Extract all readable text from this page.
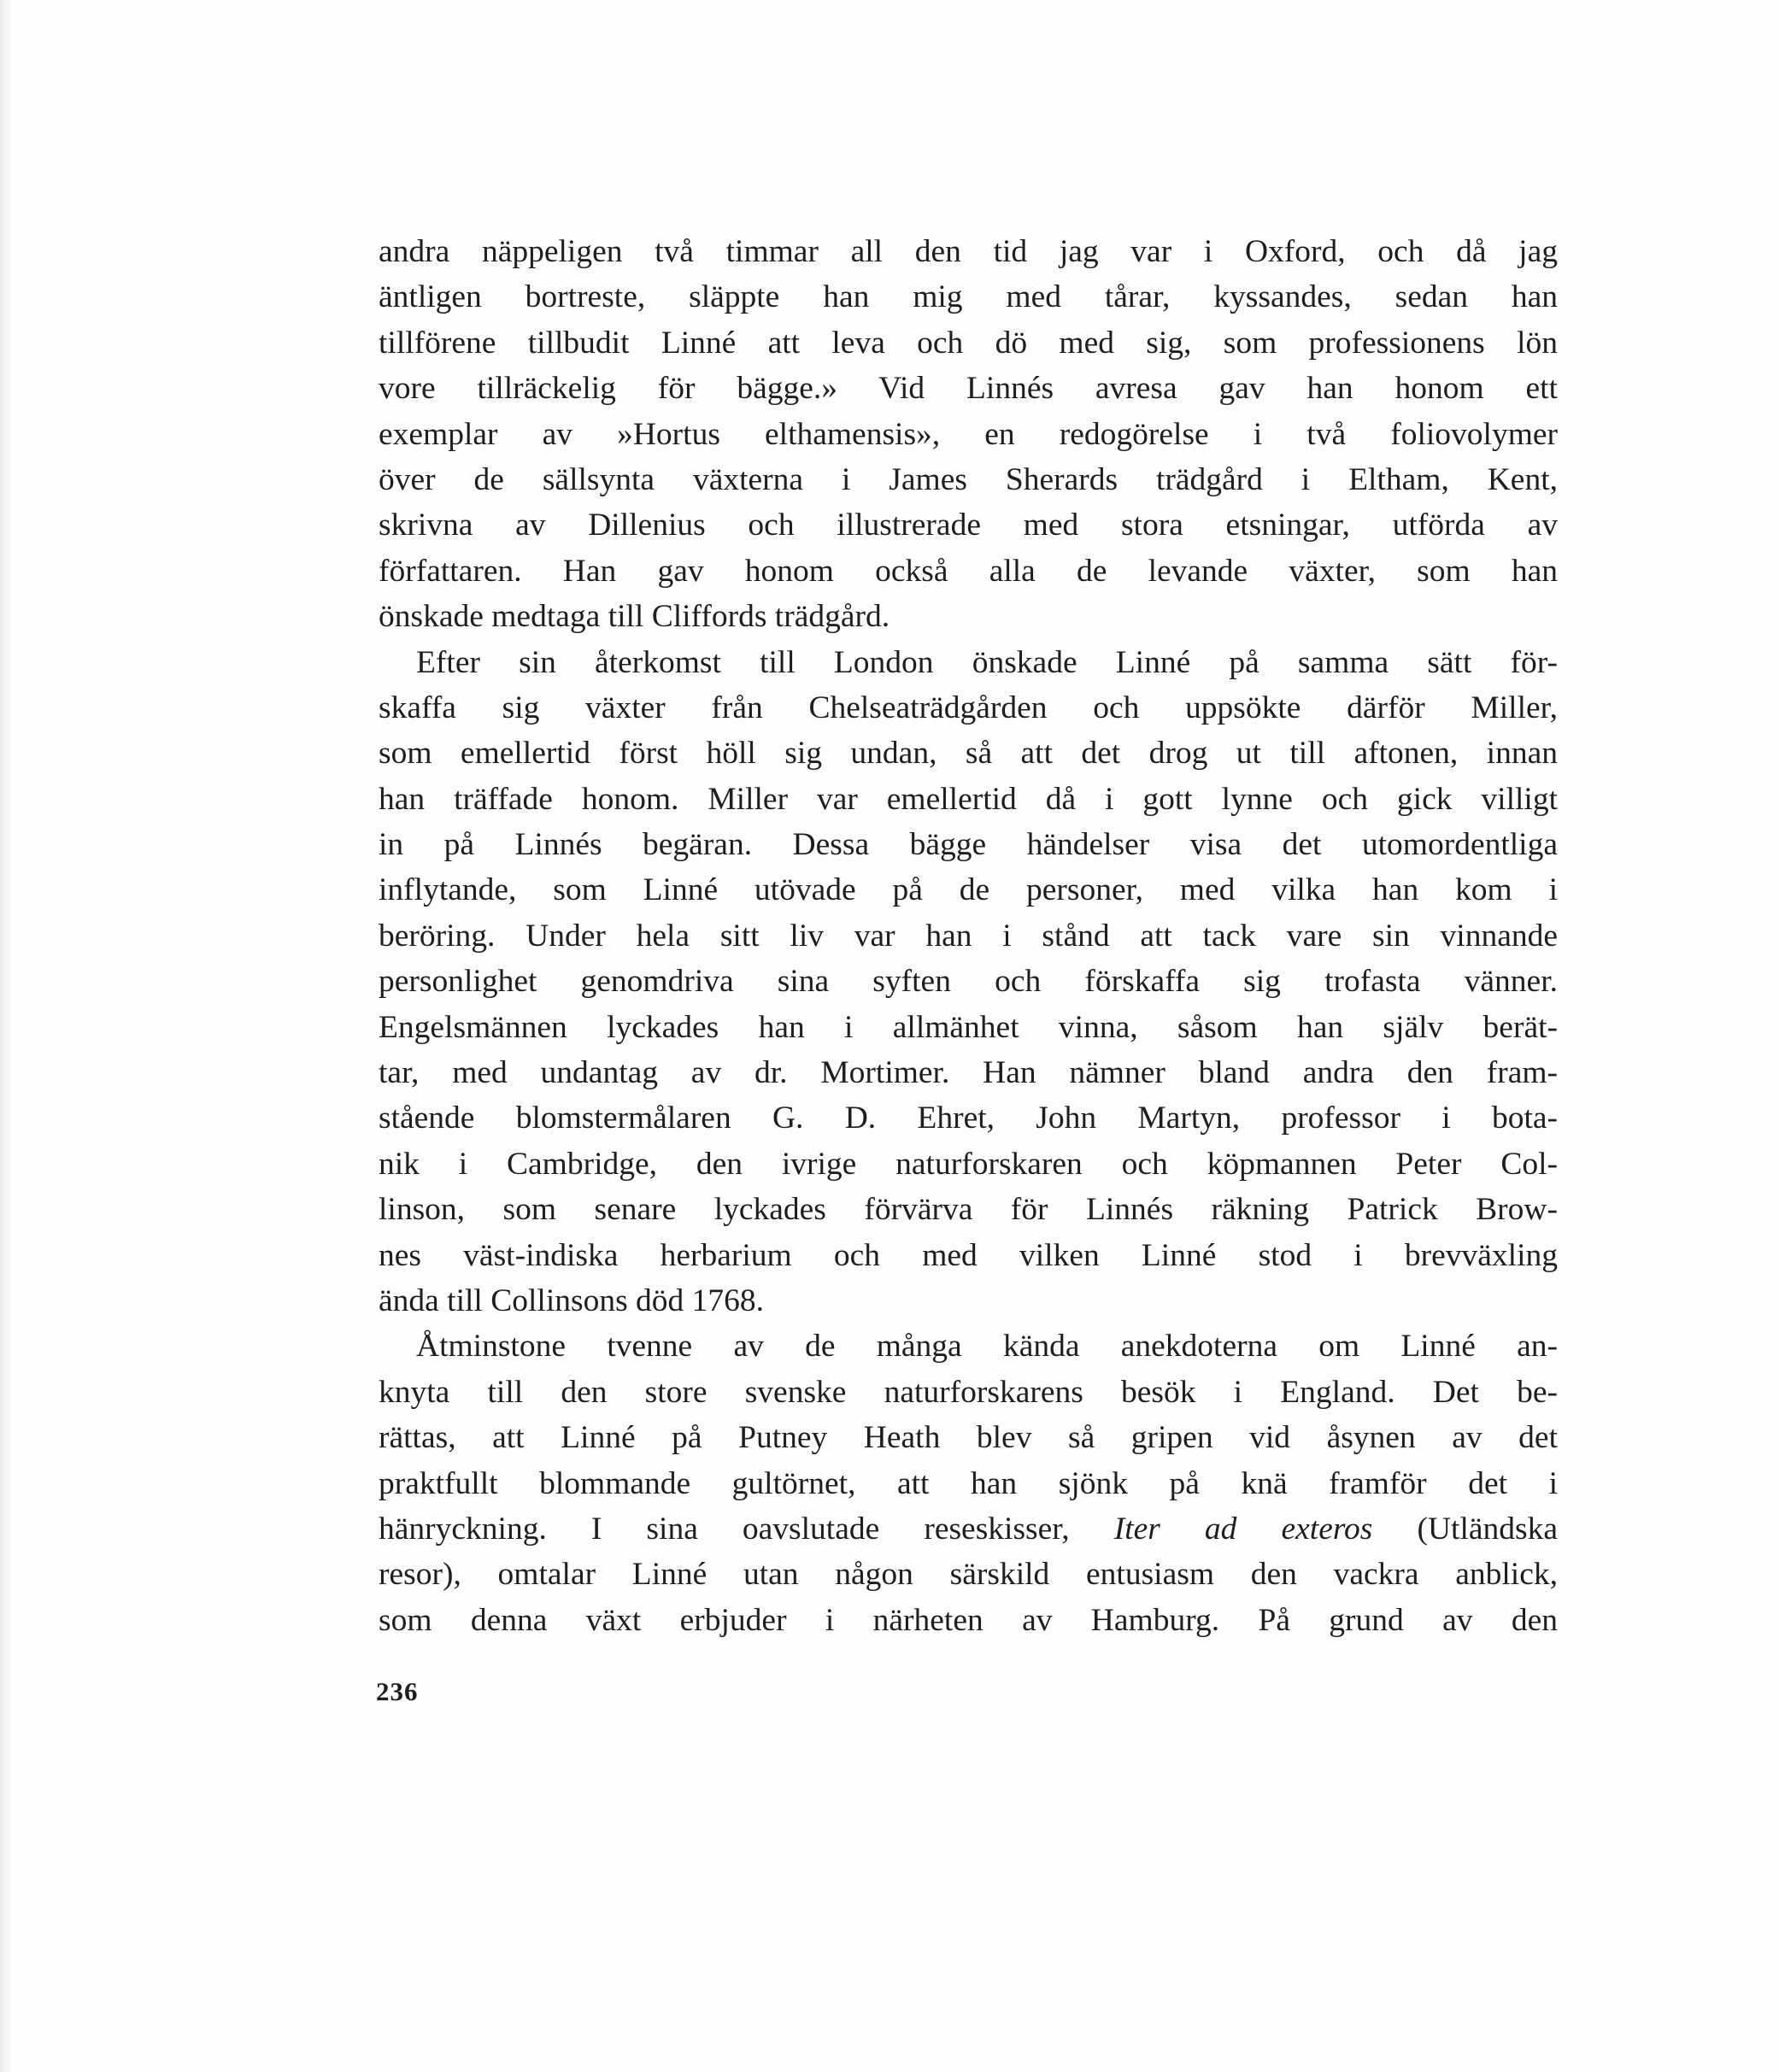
andra näppeligen två timmar all den tid jag var i Oxford, och då jag
äntligen bortreste, släppte han mig med tårar, kyssandes, sedan han
tillförene tillbudit Linné att leva och dö med sig, som professionens lön
vore tillräckelig för bägge.» Vid Linnés avresa gav han honom ett
exemplar av »Hortus elthamensis», en redogörelse i två foliovolymer
över de sällsynta växterna i James Sherards trädgård i Eltham, Kent,
skrivna av Dillenius och illustrerade med stora etsningar, utförda av
författaren. Han gav honom också alla de levande växter, som han
önskade medtaga till Cliffords trädgård.
Efter sin återkomst till London önskade Linné på samma sätt för-
skaffa sig växter från Chelseaträdgården och uppsökte därför Miller,
som emellertid först höll sig undan, så att det drog ut till aftonen, innan
han träffade honom. Miller var emellertid då i gott lynne och gick villigt
in på Linnés begäran. Dessa bägge händelser visa det utomordentliga
inflytande, som Linné utövade på de personer, med vilka han kom i
beröring. Under hela sitt liv var han i stånd att tack vare sin vinnande
personlighet genomdriva sina syften och förskaffa sig trofasta vänner.
Engelsmännen lyckades han i allmänhet vinna, såsom han själv berät-
tar, med undantag av dr. Mortimer. Han nämner bland andra den fram-
stående blomstermålaren G. D. Ehret, John Martyn, professor i bota-
nik i Cambridge, den ivrige naturforskaren och köpmannen Peter Col-
linson, som senare lyckades förvärva för Linnés räkning Patrick Brow-
nes väst-indiska herbarium och med vilken Linné stod i brevväxling
ända till Collinsons död 1768.
Åtminstone tvenne av de många kända anekdoterna om Linné an-
knyta till den store svenske naturforskarens besök i England. Det be-
rättas, att Linné på Putney Heath blev så gripen vid åsynen av det
praktfullt blommande gultörnet, att han sjönk på knä framför det i
hänryckning. I sina oavslutade reseskisser, Iter ad exteros (Utländska
resor), omtalar Linné utan någon särskild entusiasm den vackra anblick,
som denna växt erbjuder i närheten av Hamburg. På grund av den
236
